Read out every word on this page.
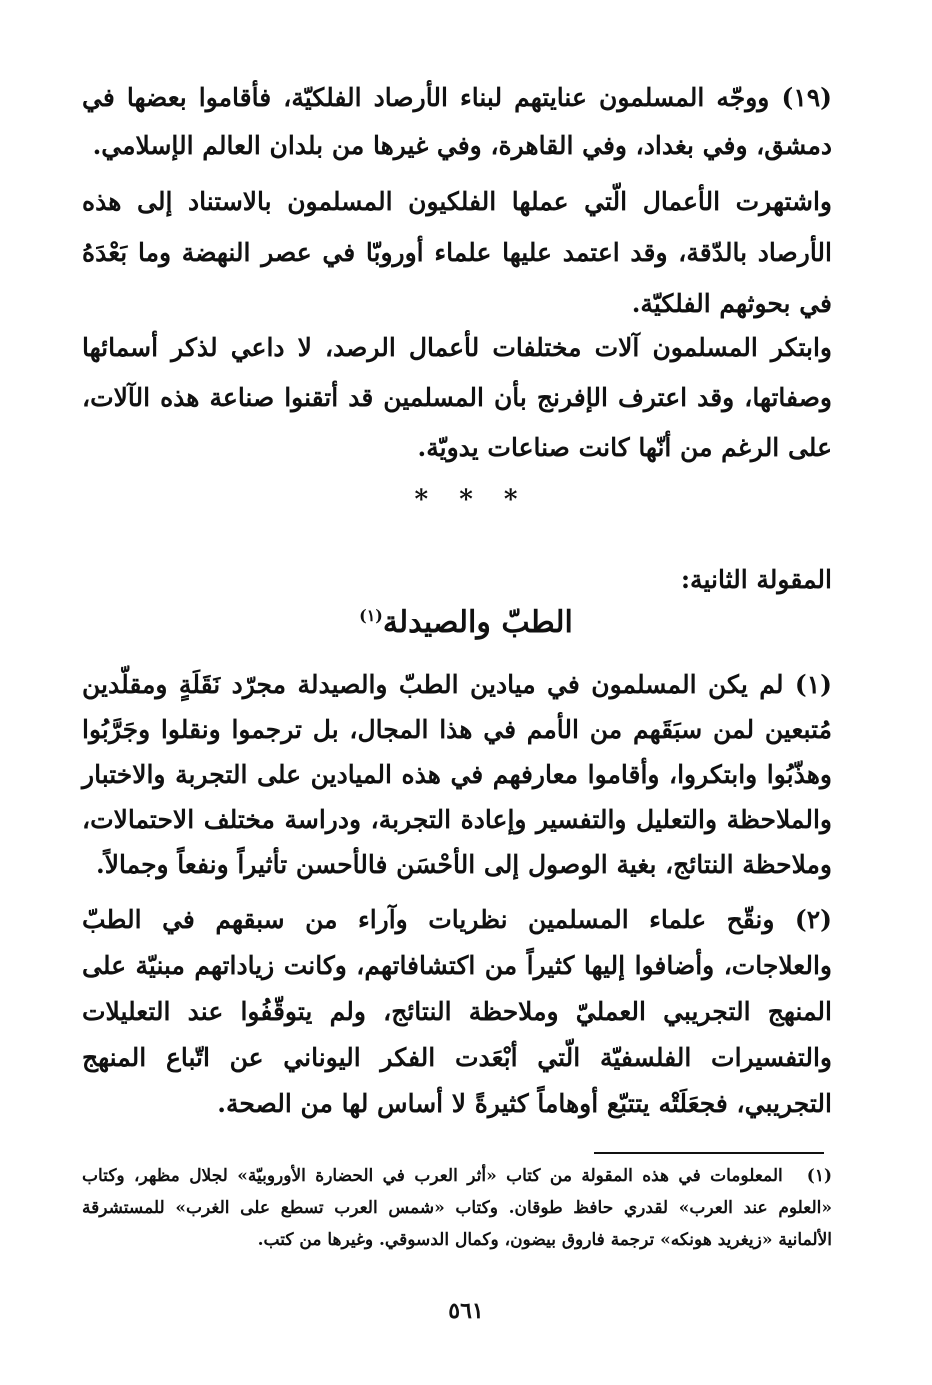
(١٩) ووجّه المسلمون عنايتهم لبناء الأرصاد الفلكيّة، فأقاموا بعضها في دمشق، وفي بغداد، وفي القاهرة، وفي غيرها من بلدان العالم الإسلامي.

واشتهرت الأعمال الّتي عملها الفلكيون المسلمون بالاستناد إلى هذه الأرصاد بالدّقة، وقد اعتمد عليها علماء أوروبّا في عصر النهضة وما بَعْدَهُ في بحوثهم الفلكيّة.

وابتكر المسلمون آلات مختلفات لأعمال الرصد، لا داعي لذكر أسمائها وصفاتها، وقد اعترف الإفرنج بأن المسلمين قد أتقنوا صناعة هذه الآلات، على الرغم من أنّها كانت صناعات يدويّة.

* * *
المقولة الثانية:
الطبّ والصيدلة$^{(١)}$

(١) لم يكن المسلمون في ميادين الطبّ والصيدلة مجرّد نَقَلَةٍ ومقلّدين مُتبعين لمن سبَقَهم من الأمم في هذا المجال، بل ترجموا ونقلوا وجَرَّبُوا وهذّبُوا وابتكروا، وأقاموا معارفهم في هذه الميادين على التجربة والاختبار والملاحظة والتعليل والتفسير وإعادة التجربة، ودراسة مختلف الاحتمالات، وملاحظة النتائج، بغية الوصول إلى الأحْسَن فالأحسن تأثيراً ونفعاً وجمالاً.

(٢) ونقّح علماء المسلمين نظريات وآراء من سبقهم في الطبّ والعلاجات، وأضافوا إليها كثيراً من اكتشافاتهم، وكانت زياداتهم مبنيّة على المنهج التجريبي العمليّ وملاحظة النتائج، ولم يتوقّفُوا عند التعليلات والتفسيرات الفلسفيّة الّتي أبْعَدت الفكر اليوناني عن اتّباع المنهج التجريبي، فجعَلَتْه يتتبّع أوهاماً كثيرةً لا أساس لها من الصحة.

(١)المعلومات في هذه المقولة من كتاب «أثر العرب في الحضارة الأوروبيّة» لجلال مظهر، وكتاب «العلوم عند العرب» لقدري حافظ طوقان. وكتاب «شمس العرب تسطع على الغرب» للمستشرقة الألمانية «زيغريد هونكه» ترجمة فاروق بيضون، وكمال الدسوقي. وغيرها من كتب.
٥٦١
